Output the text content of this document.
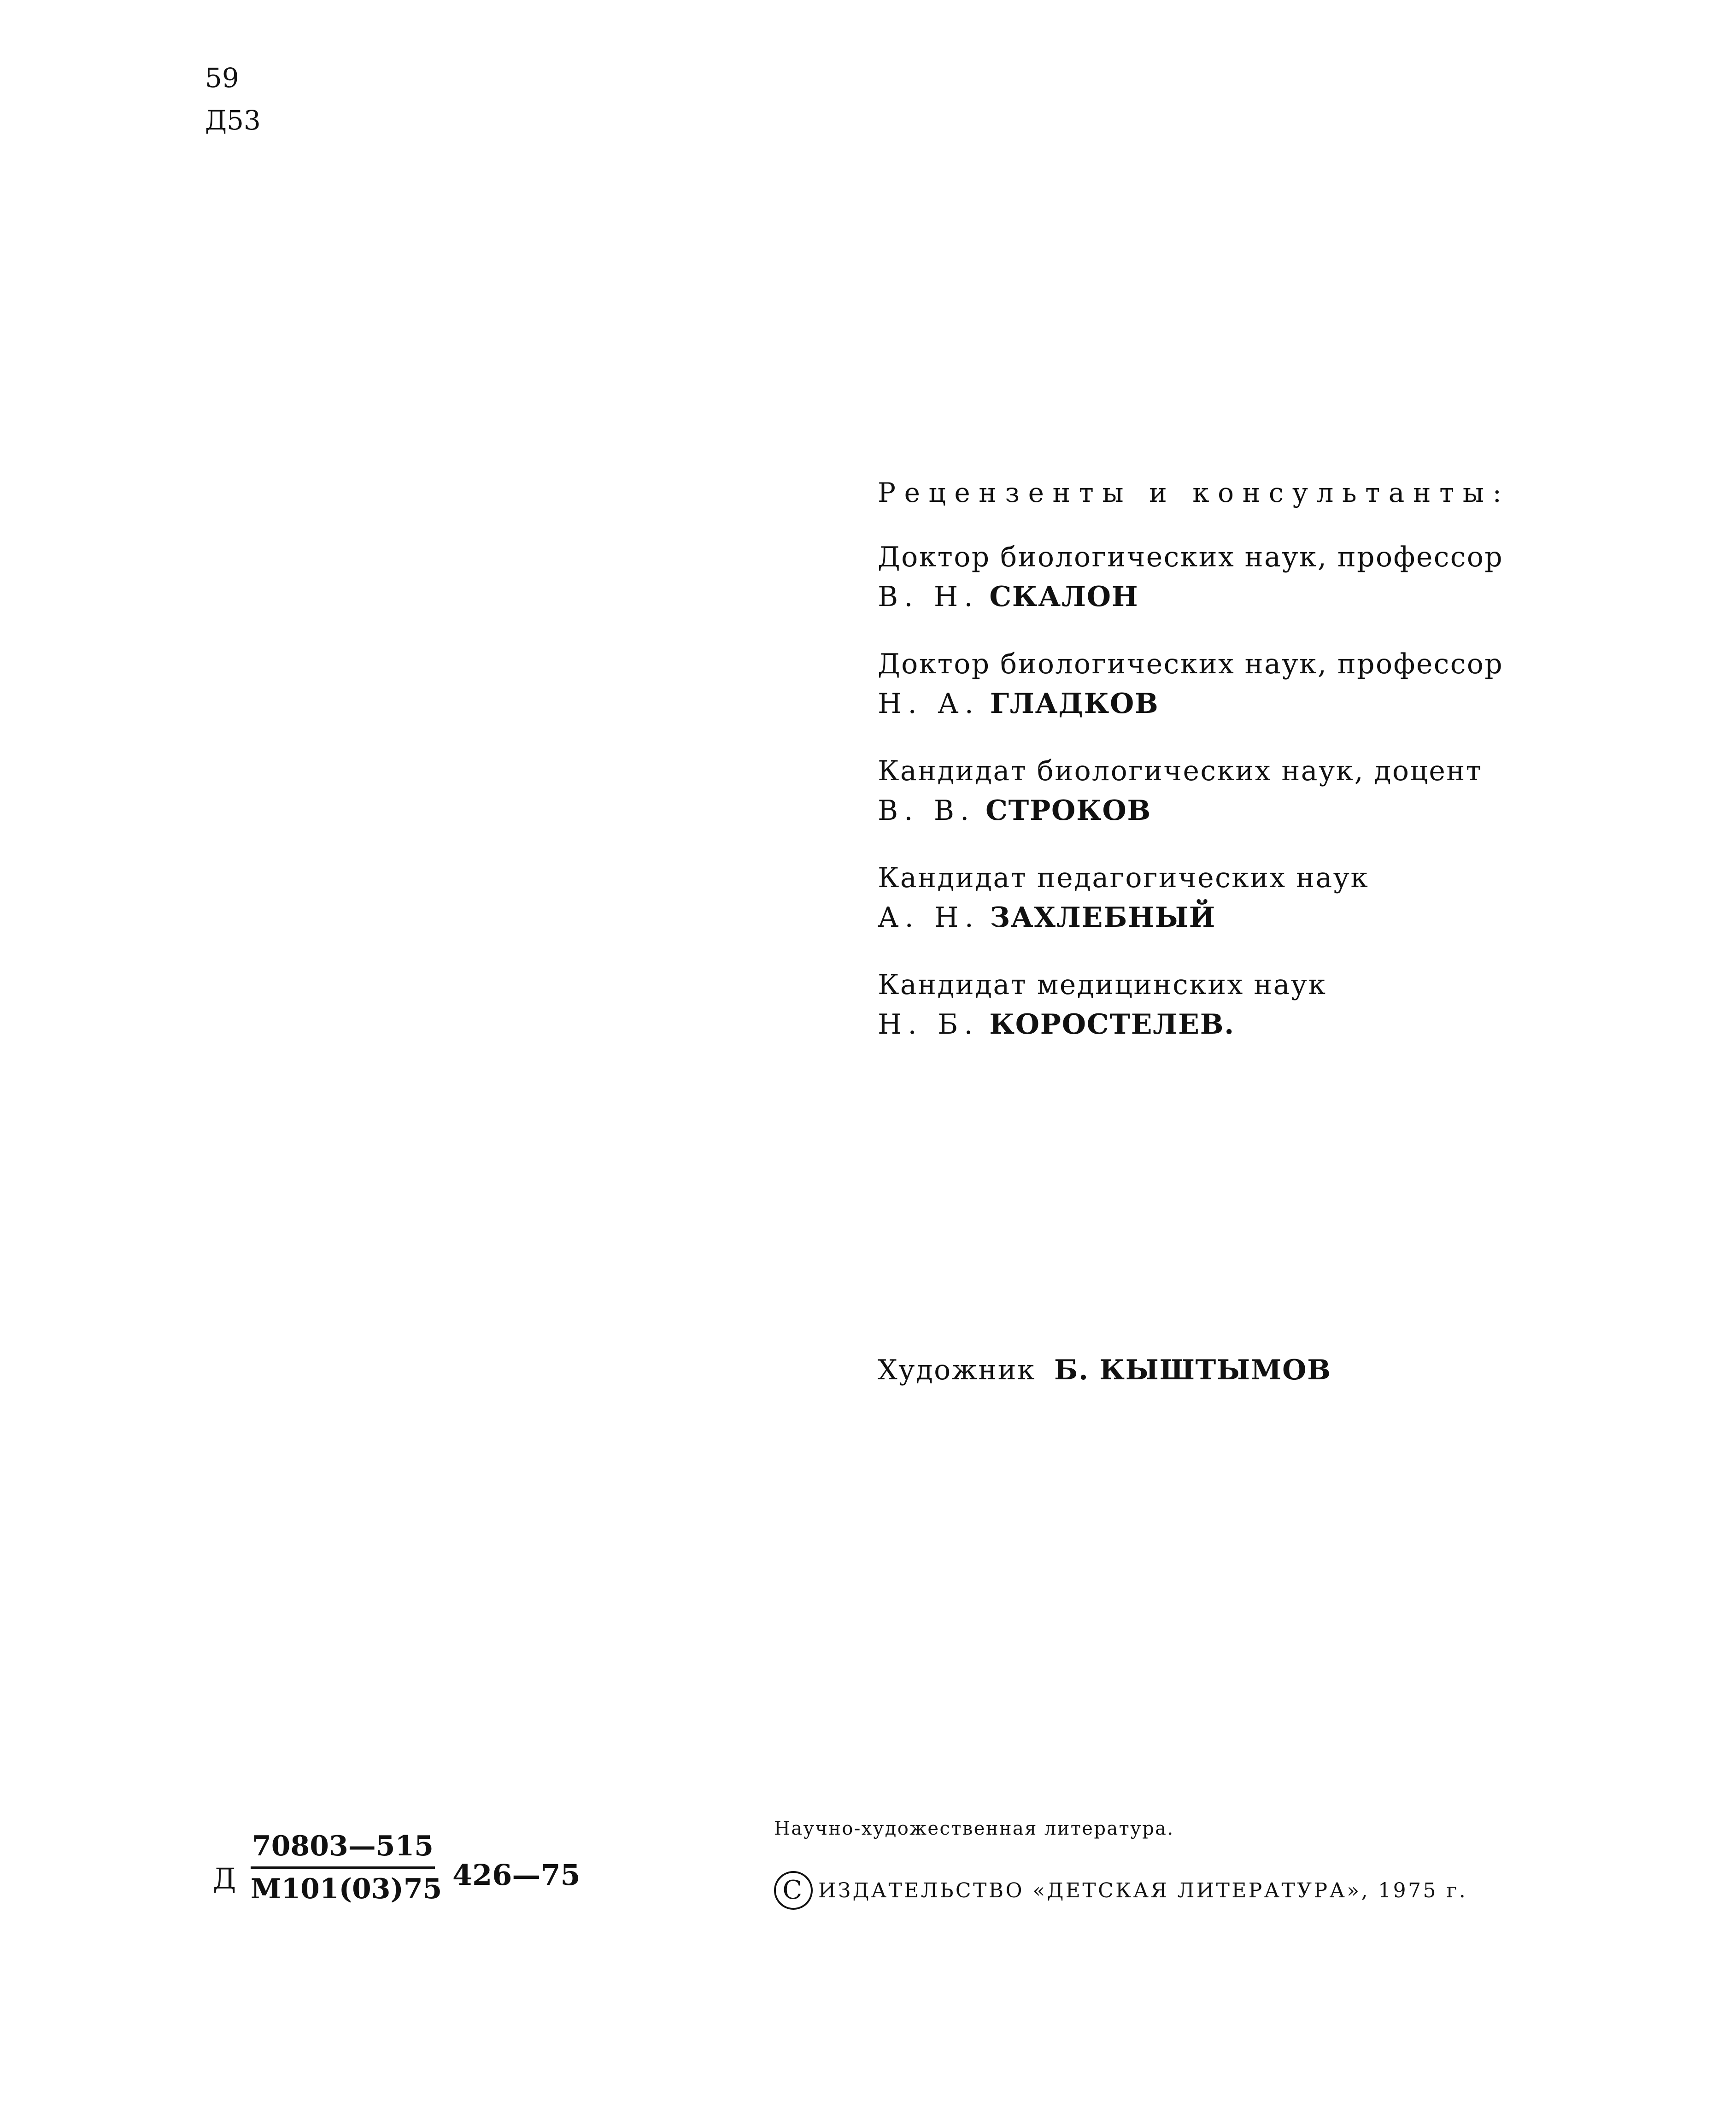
59
Д53
Рецензенты и консультанты:
Доктор биологических наук, профессор
В. Н. СКАЛОН
Доктор биологических наук, профессор
Н. А. ГЛАДКОВ
Кандидат биологических наук, доцент
В. В. СТРОКОВ
Кандидат педагогических наук
А. Н. ЗАХЛЕБНЫЙ
Кандидат медицинских наук
Н. Б. КОРОСТЕЛЕВ.
Художник Б. КЫШТЫМОВ
Д
70803—515
М101(03)75 426—75
Научно-художественная литература.
C ИЗДАТЕЛЬСТВО «ДЕТСКАЯ ЛИТЕРАТУРА», 1975 г.
